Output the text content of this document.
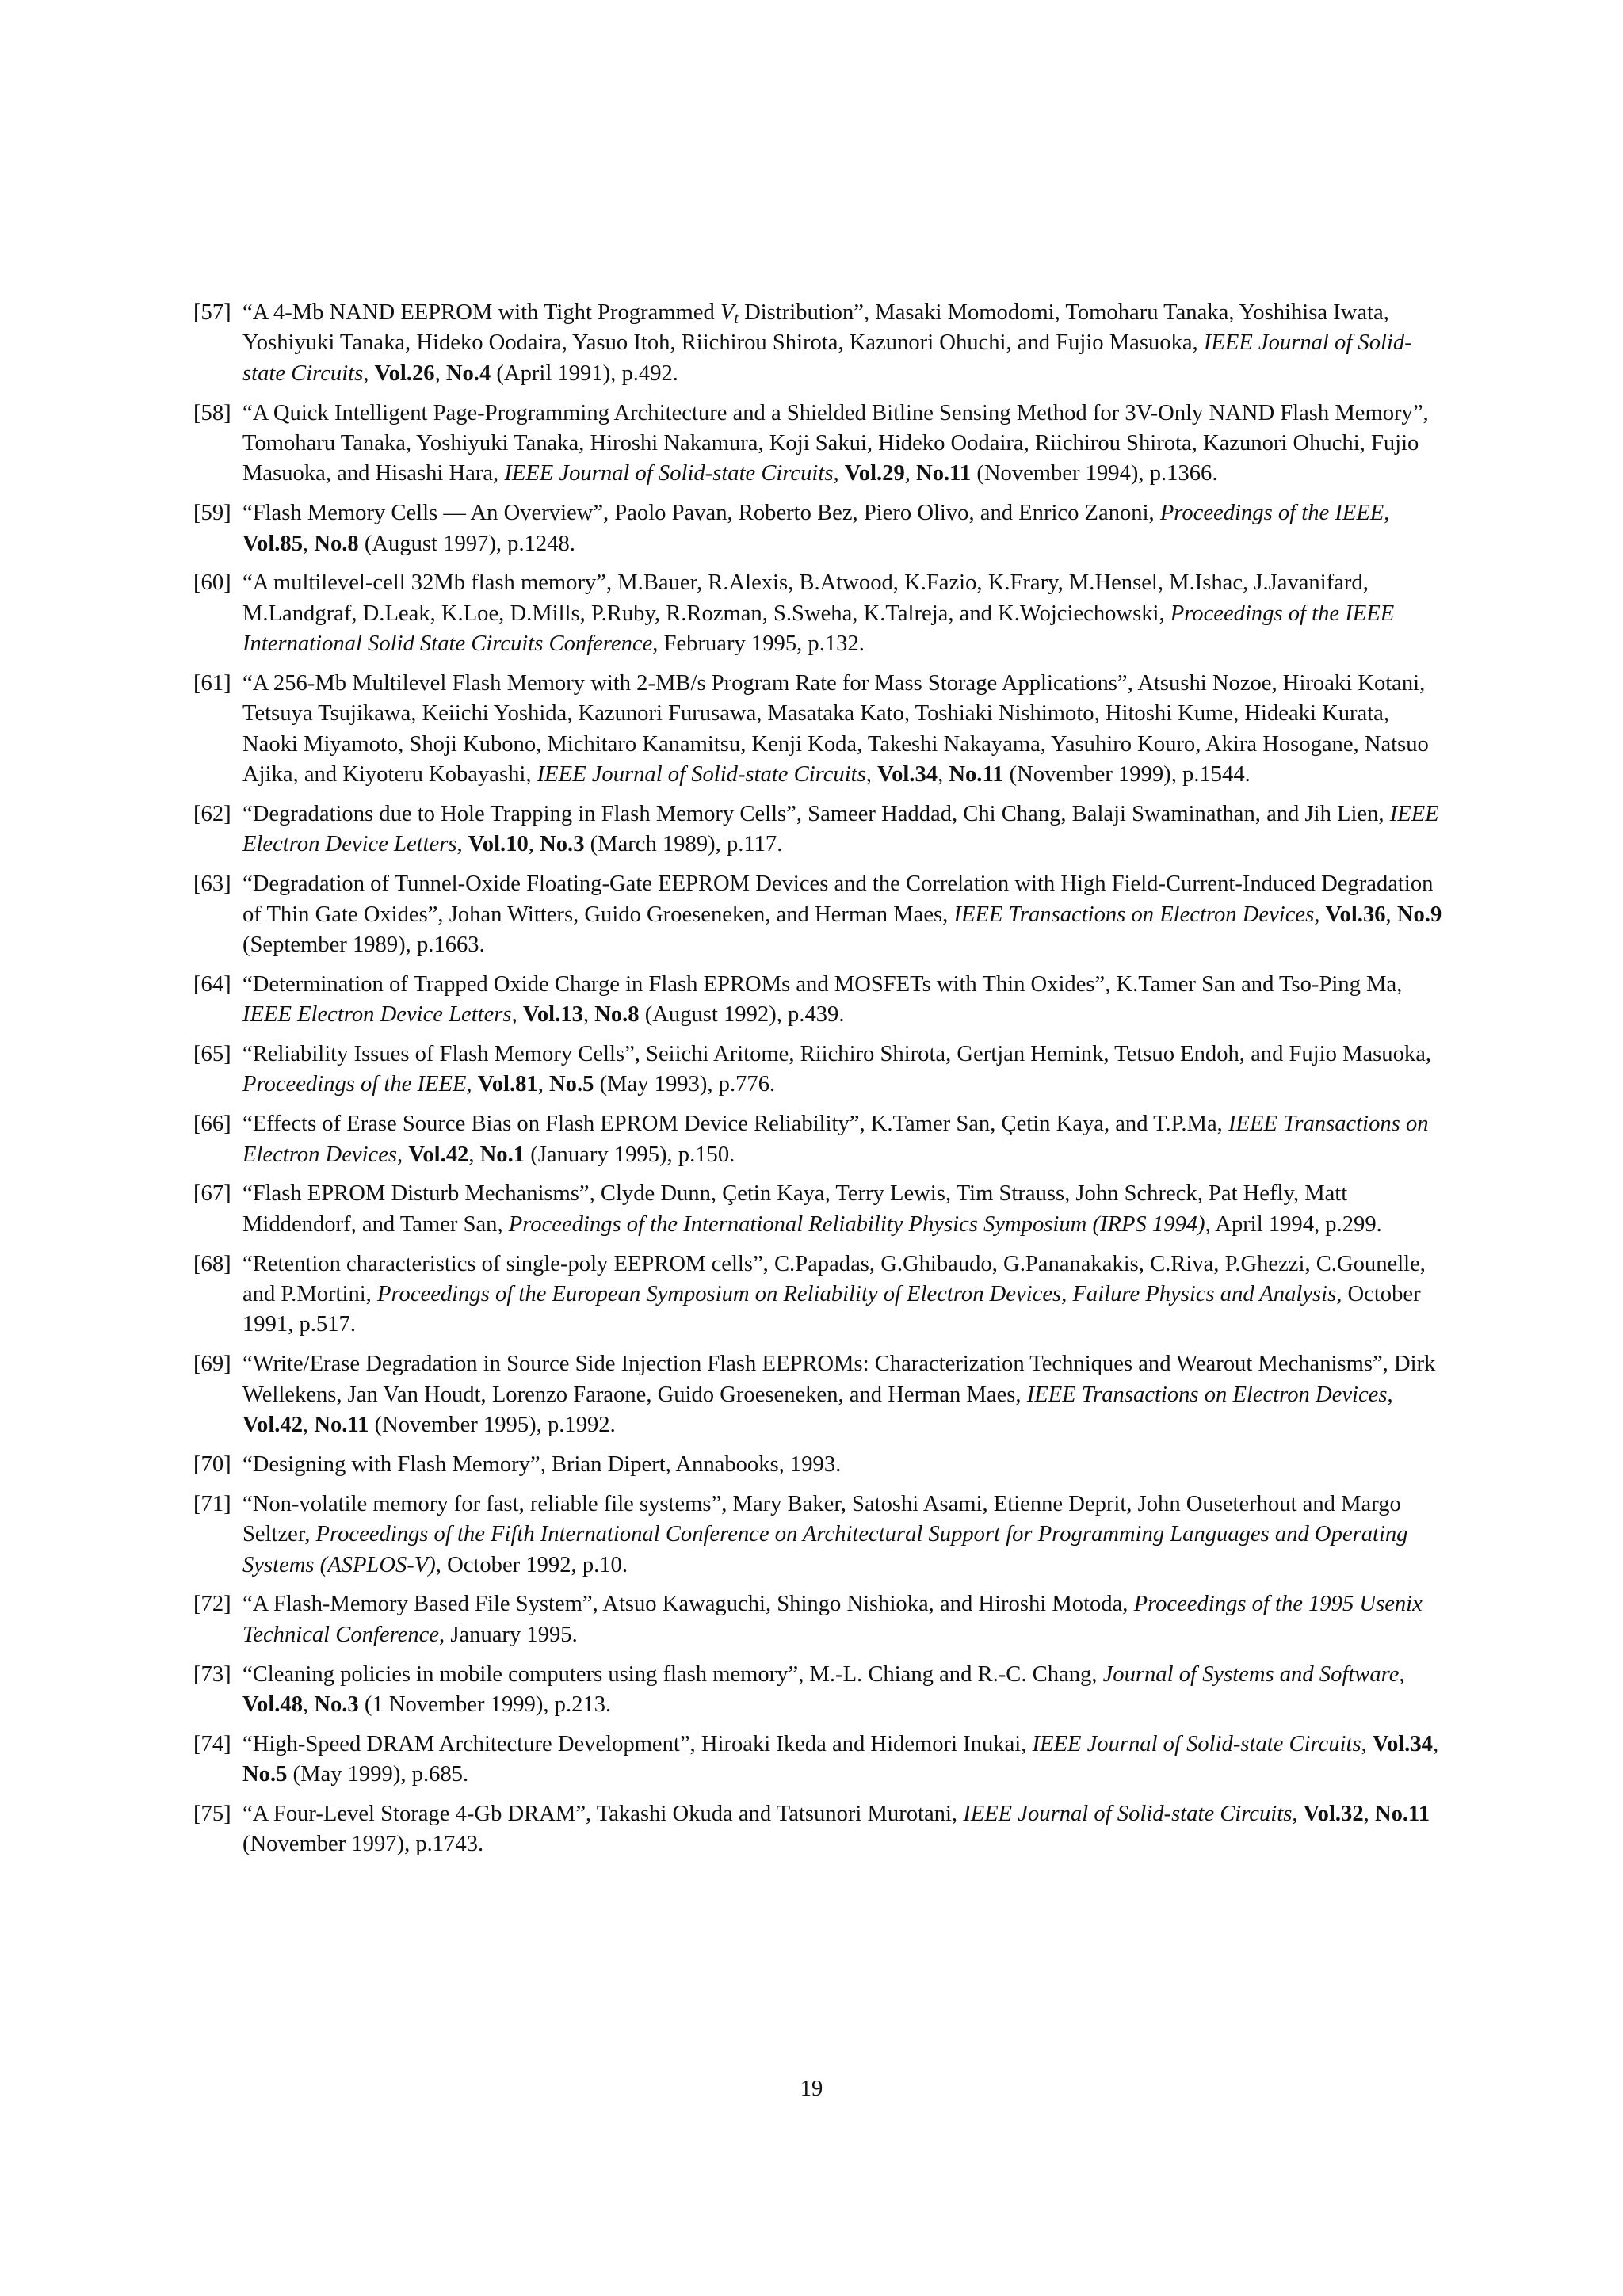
[57] “A 4-Mb NAND EEPROM with Tight Programmed $V_t$ Distribution”, Masaki Momodomi, Tomoharu Tanaka, Yoshihisa Iwata, Yoshiyuki Tanaka, Hideko Oodaira, Yasuo Itoh, Riichirou Shirota, Kazunori Ohuchi, and Fujio Masuoka, IEEE Journal of Solid-state Circuits, Vol.26, No.4 (April 1991), p.492.
[58] “A Quick Intelligent Page-Programming Architecture and a Shielded Bitline Sensing Method for 3V-Only NAND Flash Memory”, Tomoharu Tanaka, Yoshiyuki Tanaka, Hiroshi Nakamura, Koji Sakui, Hideko Oodaira, Riichirou Shirota, Kazunori Ohuchi, Fujio Masuoka, and Hisashi Hara, IEEE Journal of Solid-state Circuits, Vol.29, No.11 (November 1994), p.1366.
[59] “Flash Memory Cells — An Overview”, Paolo Pavan, Roberto Bez, Piero Olivo, and Enrico Zanoni, Proceedings of the IEEE, Vol.85, No.8 (August 1997), p.1248.
[60] “A multilevel-cell 32Mb flash memory”, M.Bauer, R.Alexis, B.Atwood, K.Fazio, K.Frary, M.Hensel, M.Ishac, J.Javanifard, M.Landgraf, D.Leak, K.Loe, D.Mills, P.Ruby, R.Rozman, S.Sweha, K.Talreja, and K.Wojciechowski, Proceedings of the IEEE International Solid State Circuits Conference, February 1995, p.132.
[61] “A 256-Mb Multilevel Flash Memory with 2-MB/s Program Rate for Mass Storage Applications”, Atsushi Nozoe, Hiroaki Kotani, Tetsuya Tsujikawa, Keiichi Yoshida, Kazunori Furusawa, Masataka Kato, Toshiaki Nishimoto, Hitoshi Kume, Hideaki Kurata, Naoki Miyamoto, Shoji Kubono, Michitaro Kanamitsu, Kenji Koda, Takeshi Nakayama, Yasuhiro Kouro, Akira Hosogane, Natsuo Ajika, and Kiyoteru Kobayashi, IEEE Journal of Solid-state Circuits, Vol.34, No.11 (November 1999), p.1544.
[62] “Degradations due to Hole Trapping in Flash Memory Cells”, Sameer Haddad, Chi Chang, Balaji Swaminathan, and Jih Lien, IEEE Electron Device Letters, Vol.10, No.3 (March 1989), p.117.
[63] “Degradation of Tunnel-Oxide Floating-Gate EEPROM Devices and the Correlation with High Field-Current-Induced Degradation of Thin Gate Oxides”, Johan Witters, Guido Groeseneken, and Herman Maes, IEEE Transactions on Electron Devices, Vol.36, No.9 (September 1989), p.1663.
[64] “Determination of Trapped Oxide Charge in Flash EPROMs and MOSFETs with Thin Oxides”, K.Tamer San and Tso-Ping Ma, IEEE Electron Device Letters, Vol.13, No.8 (August 1992), p.439.
[65] “Reliability Issues of Flash Memory Cells”, Seiichi Aritome, Riichiro Shirota, Gertjan Hemink, Tetsuo Endoh, and Fujio Masuoka, Proceedings of the IEEE, Vol.81, No.5 (May 1993), p.776.
[66] “Effects of Erase Source Bias on Flash EPROM Device Reliability”, K.Tamer San, Çetin Kaya, and T.P.Ma, IEEE Transactions on Electron Devices, Vol.42, No.1 (January 1995), p.150.
[67] “Flash EPROM Disturb Mechanisms”, Clyde Dunn, Çetin Kaya, Terry Lewis, Tim Strauss, John Schreck, Pat Hefly, Matt Middendorf, and Tamer San, Proceedings of the International Reliability Physics Symposium (IRPS 1994), April 1994, p.299.
[68] “Retention characteristics of single-poly EEPROM cells”, C.Papadas, G.Ghibaudo, G.Pananakakis, C.Riva, P.Ghezzi, C.Gounelle, and P.Mortini, Proceedings of the European Symposium on Reliability of Electron Devices, Failure Physics and Analysis, October 1991, p.517.
[69] “Write/Erase Degradation in Source Side Injection Flash EEPROMs: Characterization Techniques and Wearout Mechanisms”, Dirk Wellekens, Jan Van Houdt, Lorenzo Faraone, Guido Groeseneken, and Herman Maes, IEEE Transactions on Electron Devices, Vol.42, No.11 (November 1995), p.1992.
[70] “Designing with Flash Memory”, Brian Dipert, Annabooks, 1993.
[71] “Non-volatile memory for fast, reliable file systems”, Mary Baker, Satoshi Asami, Etienne Deprit, John Ouseterhout and Margo Seltzer, Proceedings of the Fifth International Conference on Architectural Support for Programming Languages and Operating Systems (ASPLOS-V), October 1992, p.10.
[72] “A Flash-Memory Based File System”, Atsuo Kawaguchi, Shingo Nishioka, and Hiroshi Motoda, Proceedings of the 1995 Usenix Technical Conference, January 1995.
[73] “Cleaning policies in mobile computers using flash memory”, M.-L. Chiang and R.-C. Chang, Journal of Systems and Software, Vol.48, No.3 (1 November 1999), p.213.
[74] “High-Speed DRAM Architecture Development”, Hiroaki Ikeda and Hidemori Inukai, IEEE Journal of Solid-state Circuits, Vol.34, No.5 (May 1999), p.685.
[75] “A Four-Level Storage 4-Gb DRAM”, Takashi Okuda and Tatsunori Murotani, IEEE Journal of Solid-state Circuits, Vol.32, No.11 (November 1997), p.1743.
19
